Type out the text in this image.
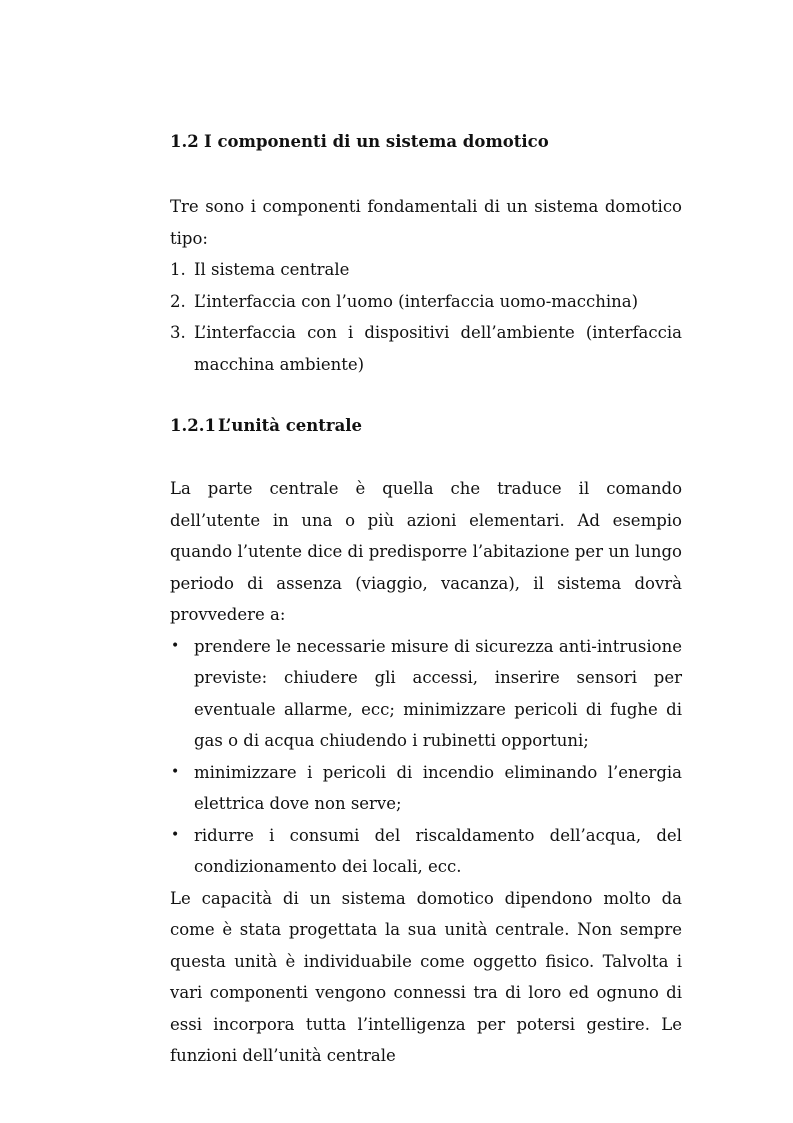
1.2 I componenti di un sistema domotico

Tre sono i componenti fondamentali di un sistema domotico tipo:

1. Il sistema centrale
2. L’interfaccia con l’uomo (interfaccia uomo-macchina)
3. L’interfaccia con i dispositivi dell’ambiente (interfaccia macchina ambiente)
1.2.1 L’unità centrale

La parte centrale è quella che traduce il comando dell’utente in una o più azioni elementari. Ad esempio quando l’utente dice di predisporre l’abitazione per un lungo periodo di assenza (viaggio, vacanza), il sistema dovrà provvedere a:

• prendere le necessarie misure di sicurezza anti-intrusione previste: chiudere gli accessi, inserire sensori per eventuale allarme, ecc; minimizzare pericoli di fughe di gas o di acqua chiudendo i rubinetti opportuni;
• minimizzare i pericoli di incendio eliminando l’energia elettrica dove non serve;
• ridurre i consumi del riscaldamento dell’acqua, del
condizionamento dei locali, ecc.

Le capacità di un sistema domotico dipendono molto da come è stata progettata la sua unità centrale. Non sempre questa unità è individuabile come oggetto fisico. Talvolta i vari componenti vengono connessi tra di loro ed ognuno di essi incorpora tutta l’intelligenza per potersi gestire. Le funzioni dell’unità centrale
